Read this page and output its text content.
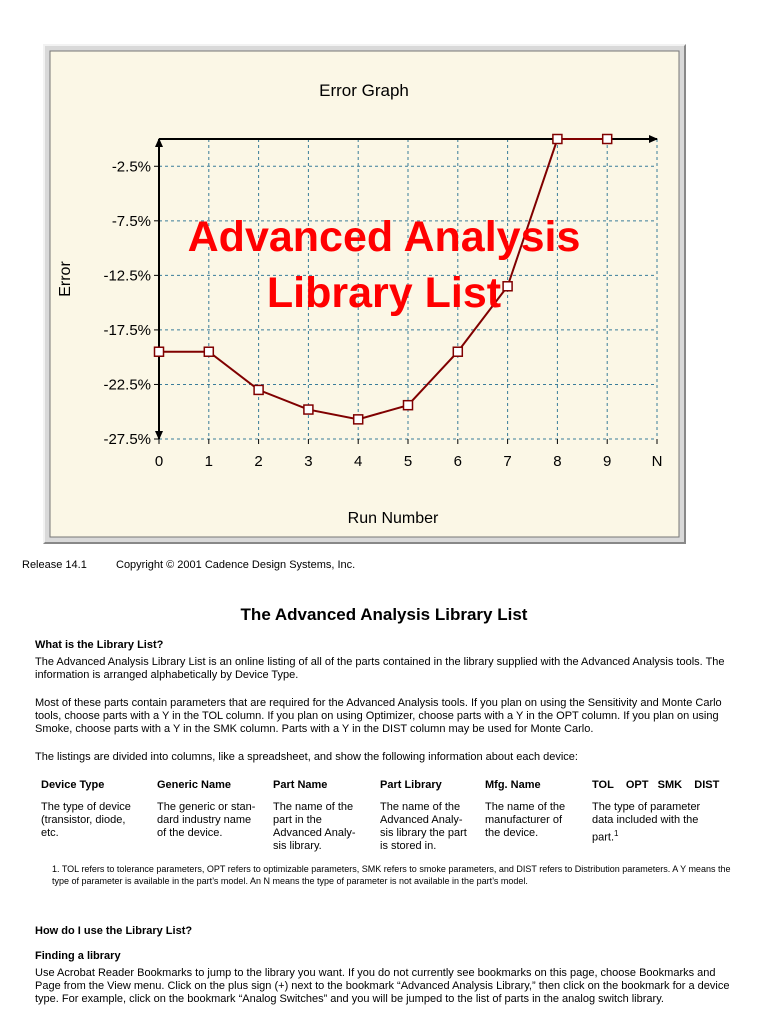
0	1	2	3	4	5	6	7	8	9	N
-2.5%
-7.5%
-12.5%
-17.5%
-22.5%
-27.5%
Error Graph
Run Number
Error
Advanced Analysis
Library List
Release 14.1	Copyright © 2001 Cadence Design Systems, Inc.
The Advanced Analysis Library List
What is the Library List?
The Advanced Analysis Library List is an online listing of all of the parts contained in the library supplied with the Advanced Analysis tools. The information is arranged alphabetically by Device Type.
Most of these parts contain parameters that are required for the Advanced Analysis tools. If you plan on using the Sensitivity and Monte Carlo tools, choose parts with a Y in the TOL column. If you plan on using Optimizer, choose parts with a Y in the OPT column. If you plan on using Smoke, choose parts with a Y in the SMK column. Parts with a Y in the DIST column may be used for Monte Carlo.
The listings are divided into columns, like a spreadsheet, and show the following information about each device:
Device Type	Generic Name	Part Name	Part Library	Mfg. Name	TOL    OPT   SMK    DIST
The type of device (transistor, diode, etc.	The generic or stan-dard industry name of the device.	The name of the part in the Advanced Analy-sis library.	The name of the Advanced Analy-sis library the part is stored in.	The name of the manufacturer of the device.	The type of parameter data included with the part.$^1$
1. TOL refers to tolerance parameters, OPT refers to optimizable parameters, SMK refers to smoke parameters, and DIST refers to Distribution parameters. A Y means the type of parameter is available in the part’s model. An N means the type of parameter is not available in the part’s model.
How do I use the Library List?
Finding a library
Use Acrobat Reader Bookmarks to jump to the library you want. If you do not currently see bookmarks on this page, choose Bookmarks and Page from the View menu. Click on the plus sign (+) next to the bookmark “Advanced Analysis Library,” then click on the bookmark for a device type. For example, click on the bookmark “Analog Switches” and you will be jumped to the list of parts in the analog switch library.
